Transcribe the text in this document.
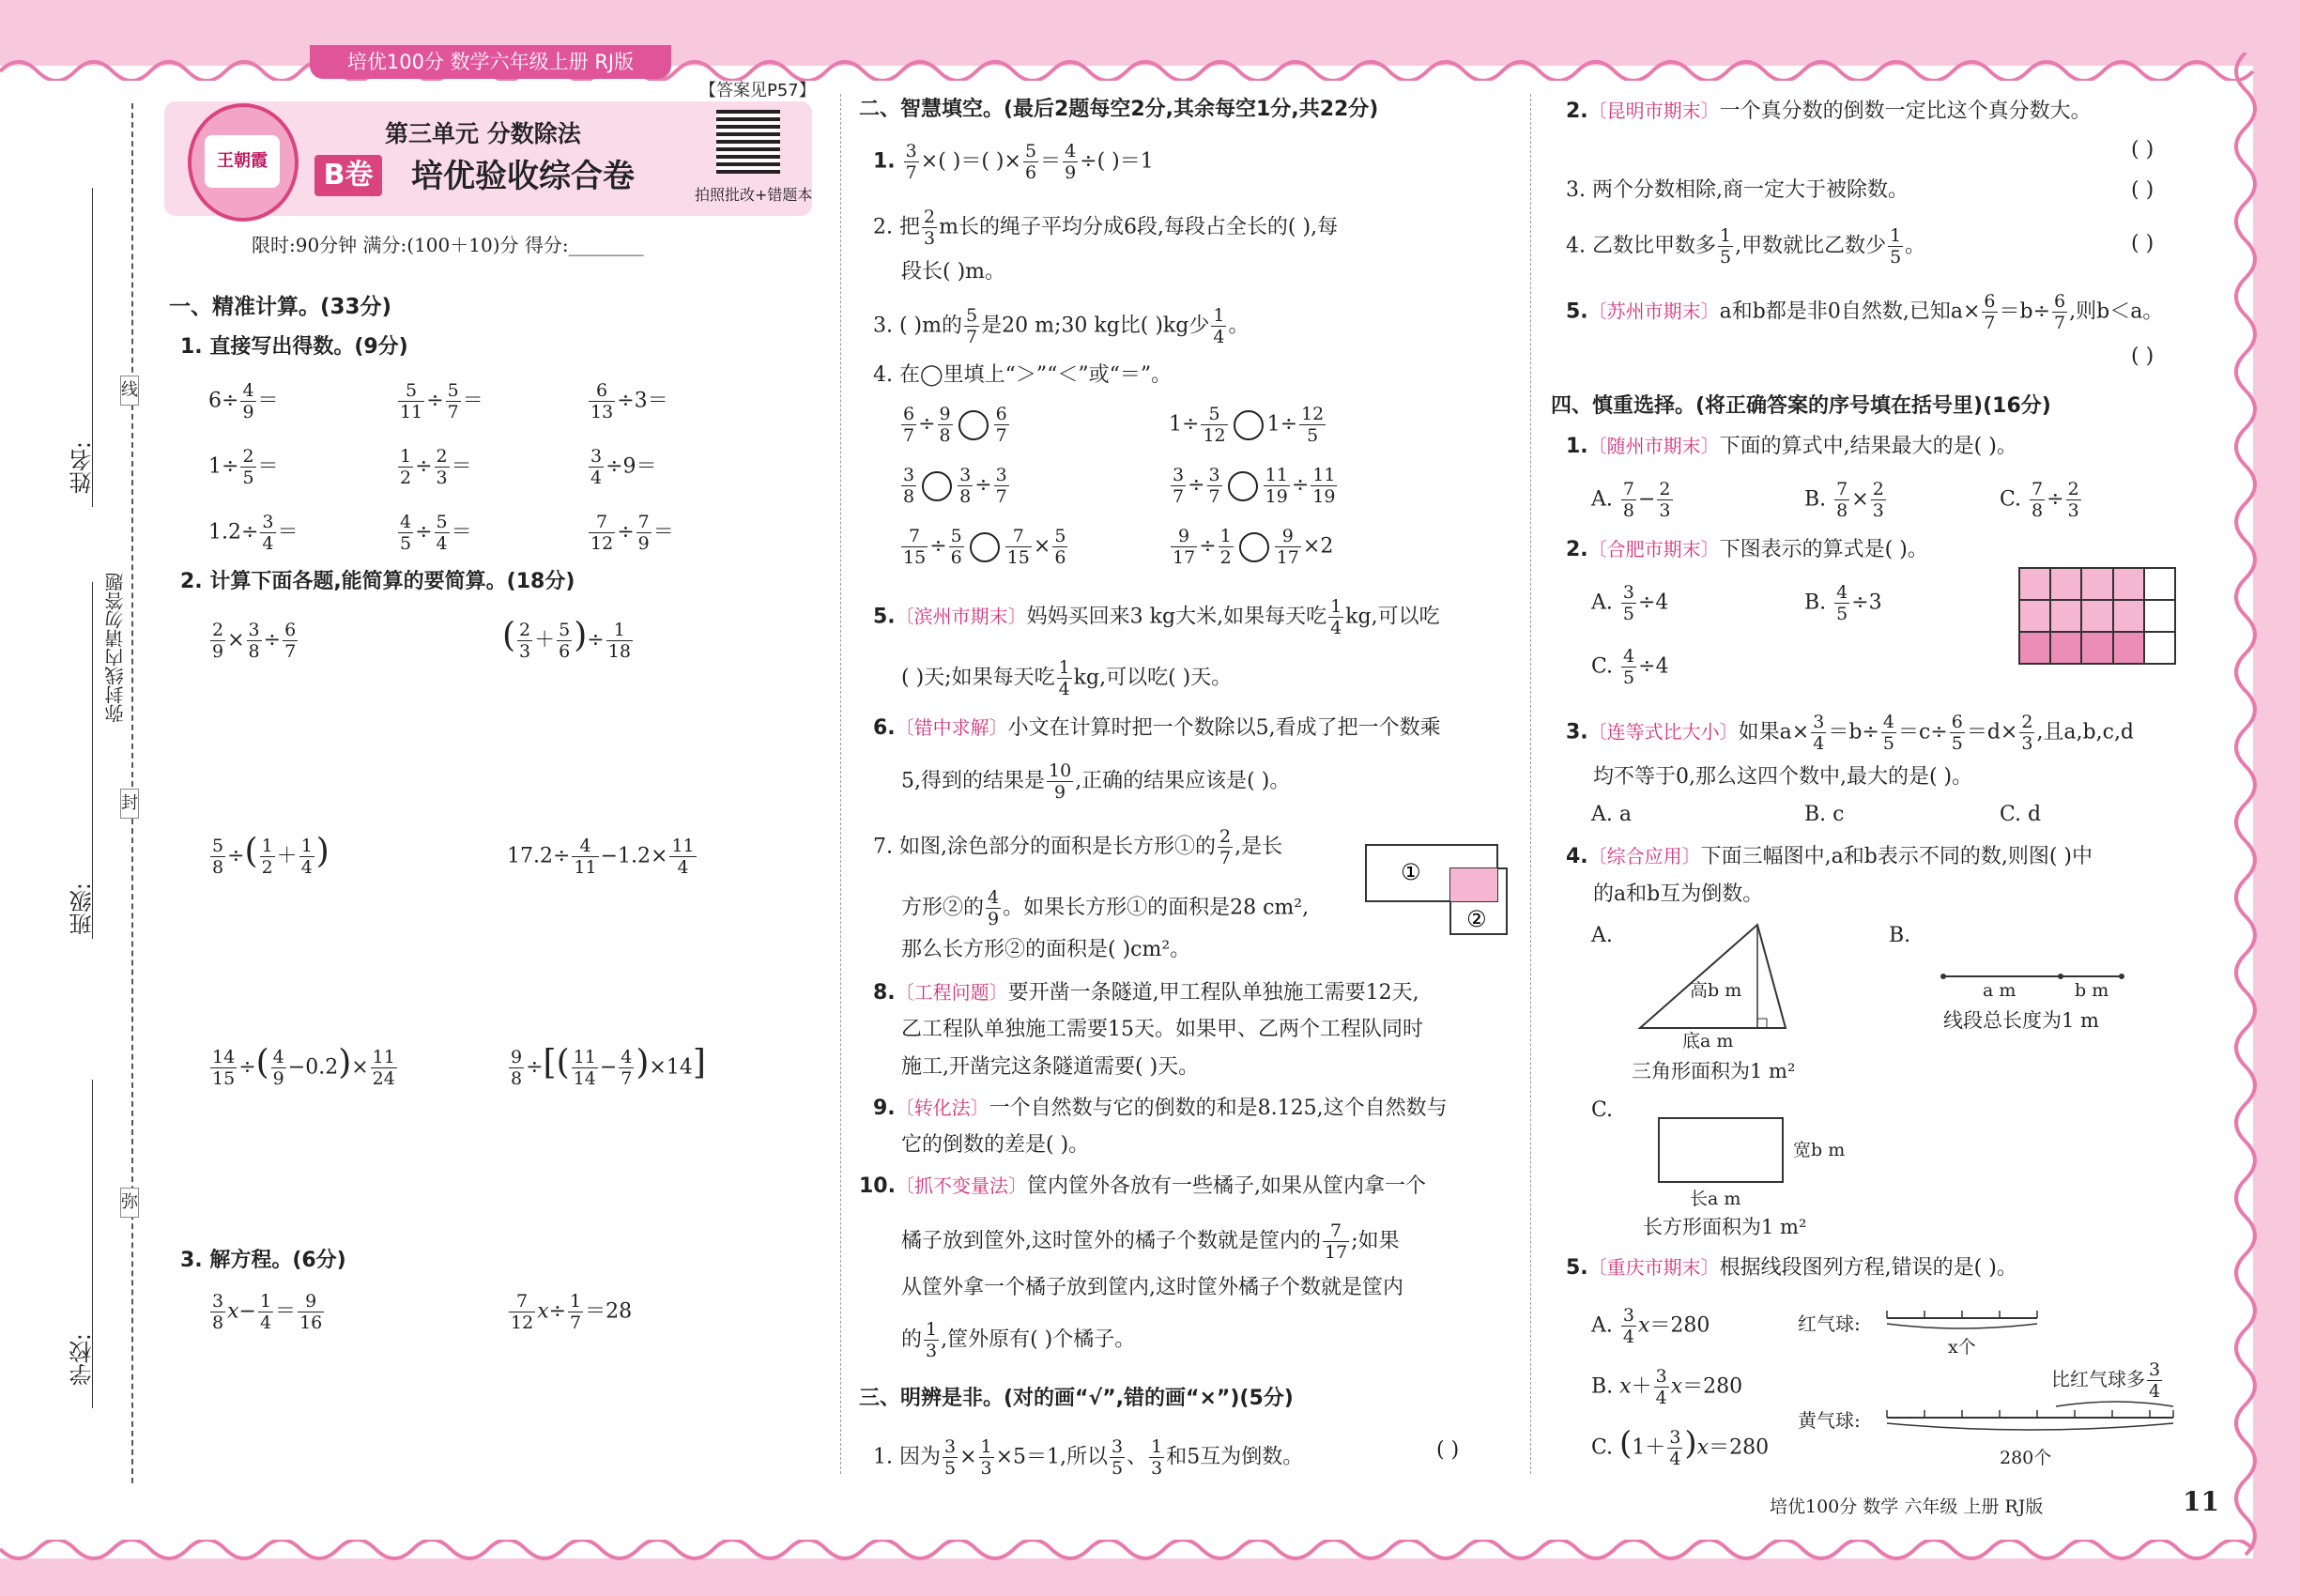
培优100分 数学六年级上册 RJ版
姓名:
班级:
学校:
弥封线内请勿答题
线
封
弥
【答案见P57】
王朝霞
第三单元 分数除法
B卷 培优验收综合卷	拍照批改+错题本
限时:90分钟 满分:(100＋10)分 得分:________
一、精准计算。(33分)
1. 直接写出得数。(9分)
$6\div \frac{4}{9}$ ＝	$\frac{5}{11} \div \frac{5}{7}$ ＝	$\frac{6}{13} \div 3=$
$1\div \frac{2}{5}$ ＝	$\frac{1}{2} \div \frac{2}{3}$ ＝	$\frac{3}{4} \div 9=$
$1.2\div \frac{3}{4}$ ＝	$\frac{4}{5} \div \frac{5}{4}$ ＝	$\frac{7}{12} \div \frac{7}{9}$ ＝
2. 计算下面各题,能简算的要简算。(18分)
$\frac{2}{9} \times \frac{3}{8} \div \frac{6}{7}$	( $\frac{2}{3} + \frac{5}{6}$ )÷ $\frac{1}{18}$
$\frac{5}{8}$ ÷( $\frac{1}{2} + \frac{1}{4}$ )	$17.2\div \frac{4}{11} -1.2\times \frac{11}{4}$
$\frac{14}{15}$ ÷( $\frac{4}{9} -0.2)\times \frac{11}{24}$	$\frac{9}{8}$ ÷[( $\frac{11}{14} - \frac{4}{7} )\times 14$]
3. 解方程。(6分)
$\frac{3}{8} x- \frac{1}{4} = \frac{9}{16}$	$\frac{7}{12} x\div \frac{1}{7} =28$
二、智慧填空。(最后2题每空2分,其余每空1分,共22分)
1. $\frac{3}{7}$ ×( )＝( )× $\frac{5}{6} = \frac{4}{9}$ ÷( )＝1
2. 把 $\frac{2}{3}$ m长的绳子平均分成6段,每段占全长的( ),每
段长( )m。
3. ( )m的 $\frac{5}{7}$ 是20 m;30 kg比( )kg少 $\frac{1}{4}$ 。
4. 在◯里填上“＞”“＜”或“＝”。
$\frac{6}{7} \div \frac{9}{8} \frac{6}{7}$	$1\div \frac{5}{12} 1\div \frac{12}{5}$
$\frac{3}{8} \frac{3}{8} \div \frac{3}{7}$	$\frac{3}{7} \div \frac{3}{7} \frac{11}{19} \div \frac{11}{19}$
$\frac{7}{15} \div \frac{5}{6} \frac{7}{15} \times \frac{5}{6}$	$\frac{9}{17} \div \frac{1}{2} \frac{9}{17} \times 2$
5.〔滨州市期末〕妈妈买回来3 kg大米,如果每天吃 $\frac{1}{4}$ kg,可以吃
( )天;如果每天吃 $\frac{1}{4}$ kg,可以吃( )天。
6.〔错中求解〕小文在计算时把一个数除以5,看成了把一个数乘
5,得到的结果是 $\frac{10}{9}$ ,正确的结果应该是( )。
7. 如图,涂色部分的面积是长方形①的 $\frac{2}{7}$ ,是长
方形②的 $\frac{4}{9}$ 。如果长方形①的面积是28 cm²,
那么长方形②的面积是( )cm²。
①
②
8.〔工程问题〕要开凿一条隧道,甲工程队单独施工需要12天,
乙工程队单独施工需要15天。如果甲、乙两个工程队同时
施工,开凿完这条隧道需要( )天。
9.〔转化法〕一个自然数与它的倒数的和是8.125,这个自然数与
它的倒数的差是( )。
10.〔抓不变量法〕筐内筐外各放有一些橘子,如果从筐内拿一个
橘子放到筐外,这时筐外的橘子个数就是筐内的 $\frac{7}{17}$ ;如果
从筐外拿一个橘子放到筐内,这时筐外橘子个数就是筐内
的 $\frac{1}{3}$ ,筐外原有( )个橘子。
三、明辨是非。(对的画“√”,错的画“×”)(5分)
1. 因为 $\frac{3}{5} \times \frac{1}{3} \times 5=1$,所以 $\frac{3}{5}$ 、 $\frac{1}{3}$ 和5互为倒数。	( )
2.〔昆明市期末〕一个真分数的倒数一定比这个真分数大。
( )
3. 两个分数相除,商一定大于被除数。	( )
4. 乙数比甲数多 $\frac{1}{5}$ ,甲数就比乙数少 $\frac{1}{5}$ 。	( )
5.〔苏州市期末〕a和b都是非0自然数,已知$a\times \frac{6}{7} =b\div \frac{6}{7}$ ,则b＜a。
( )
四、慎重选择。(将正确答案的序号填在括号里)(16分)
1.〔随州市期末〕下面的算式中,结果最大的是( )。
A. $\frac{7}{8} - \frac{2}{3}$	B. $\frac{7}{8} \times \frac{2}{3}$	C. $\frac{7}{8} \div \frac{2}{3}$
2.〔合肥市期末〕下图表示的算式是( )。
A. $\frac{3}{5} \div 4$	B. $\frac{4}{5} \div 3$
C. $\frac{4}{5} \div 4$
3.〔连等式比大小〕如果$a\times \frac{3}{4} =b\div \frac{4}{5} =c\div \frac{6}{5} =d\times \frac{2}{3}$ ,且a,b,c,d
均不等于0,那么这四个数中,最大的是( )。
A. a	B. c	C. d
4.〔综合应用〕下面三幅图中,a和b表示不同的数,则图( )中
的a和b互为倒数。
A.	B.
高b m
底a m
三角形面积为1 m²
a m	b m
线段总长度为1 m
C.
宽b m
长a m
长方形面积为1 m²
5.〔重庆市期末〕根据线段图列方程,错误的是( )。
A. $\frac{3}{4} x=280$
B. $x+ \frac{3}{4} x=280$
C. $(1+ \frac{3}{4} )x=280$
红气球:
x个
比红气球多 $\frac{3}{4}$
黄气球:
280个
培优100分 数学 六年级 上册 RJ版	11
